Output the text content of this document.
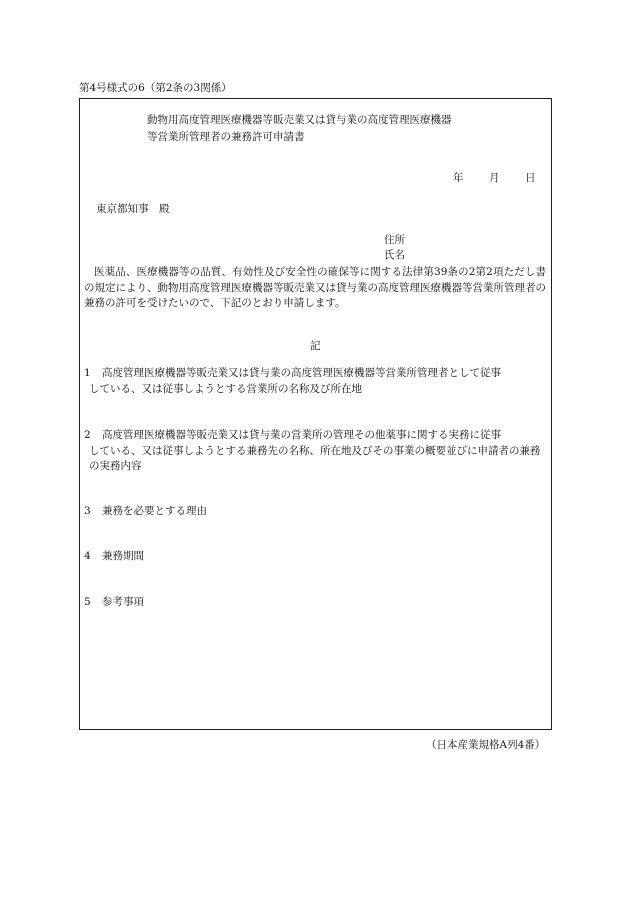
第4号様式の6（第2条の3関係）
動物用高度管理医療機器等販売業又は貸与業の高度管理医療機器
等営業所管理者の兼務許可申請書
年 月 日
東京都知事　殿
住所
氏名
医薬品、医療機器等の品質、有効性及び安全性の確保等に関する法律第39条の2第2項ただし書の規定により、動物用高度管理医療機器等販売業又は貸与業の高度管理医療機器等営業所管理者の兼務の許可を受けたいので、下記のとおり申請します。
記
1 高度管理医療機器等販売業又は貸与業の高度管理医療機器等営業所管理者として従事
している、又は従事しようとする営業所の名称及び所在地
2 高度管理医療機器等販売業又は貸与業の営業所の管理その他薬事に関する実務に従事
している、又は従事しようとする兼務先の名称、所在地及びその事業の概要並びに申請者の兼務の実務内容
3 兼務を必要とする理由
4 兼務期間
5 参考事項
（日本産業規格A列4番）
